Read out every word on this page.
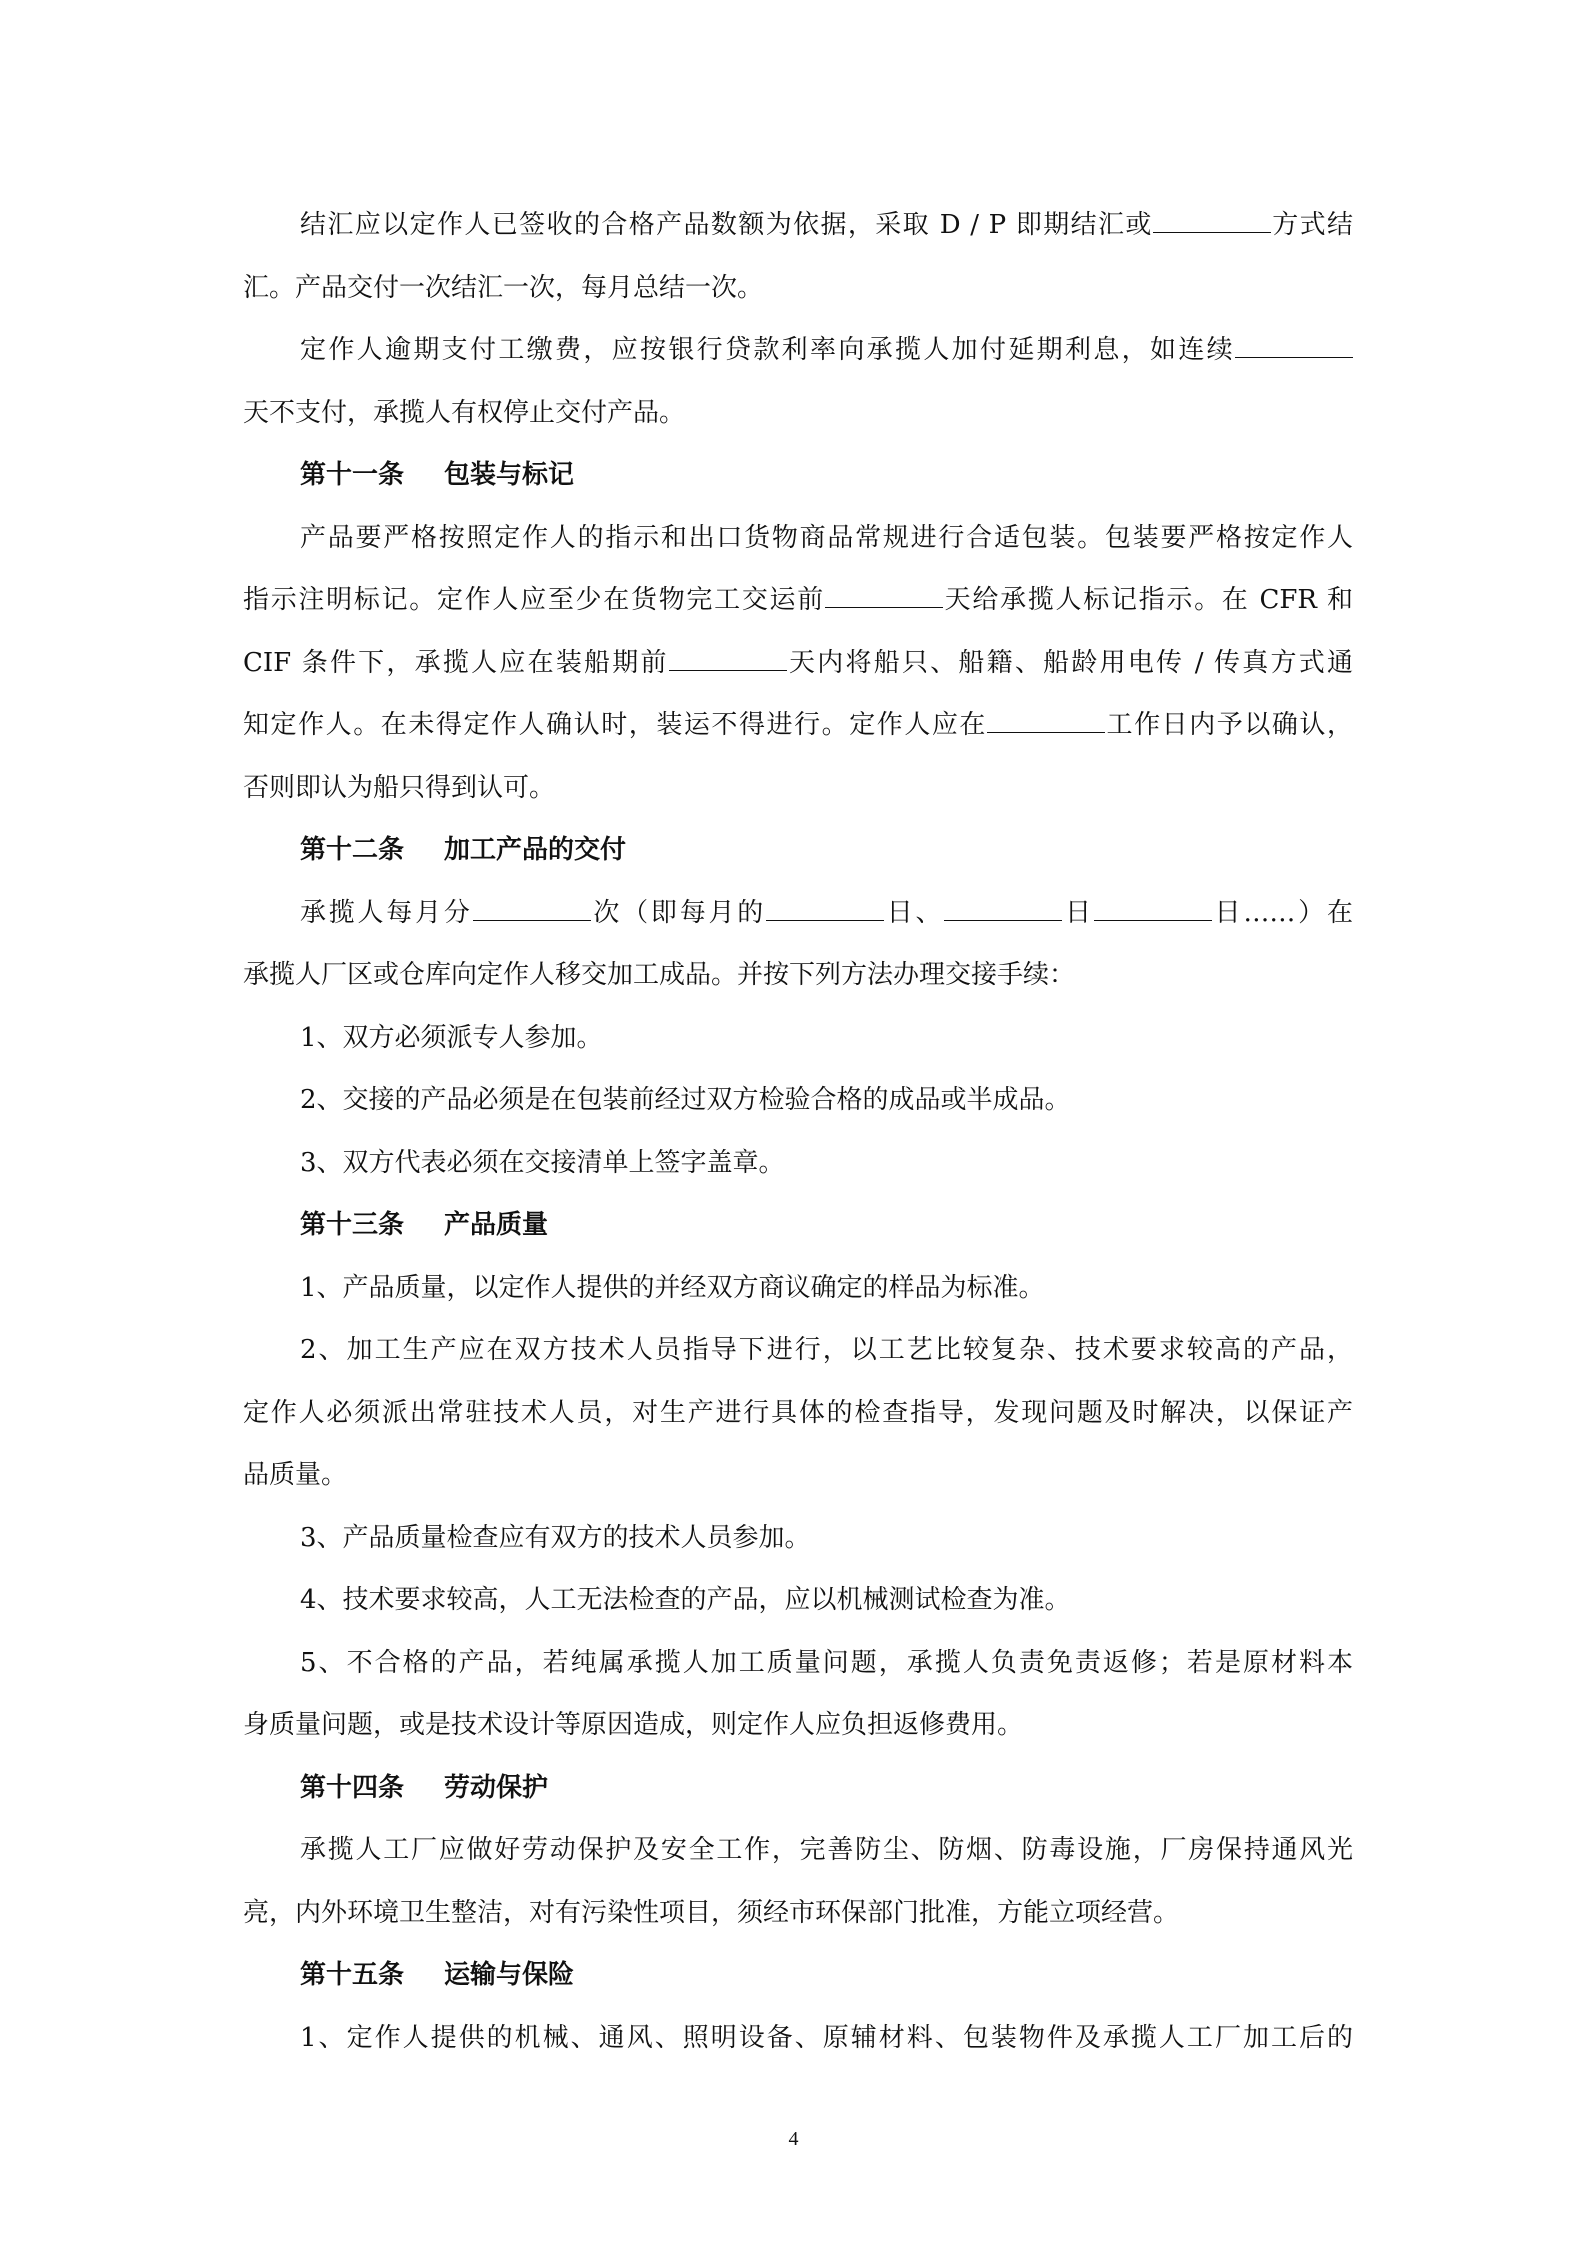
结汇应以定作人已签收的合格产品数额为依据，采取 D / P 即期结汇或	方式结
汇。产品交付一次结汇一次，每月总结一次。
定作人逾期支付工缴费，应按银行贷款利率向承揽人加付延期利息，如连续
天不支付，承揽人有权停止交付产品。
第十一条 包装与标记
产品要严格按照定作人的指示和出口货物商品常规进行合适包装。包装要严格按定作人
指示注明标记。定作人应至少在货物完工交运前	天给承揽人标记指示。在 CFR 和
CIF 条件下，承揽人应在装船期前	天内将船只、船籍、船龄用电传 / 传真方式通
知定作人。在未得定作人确认时，装运不得进行。定作人应在	工作日内予以确认，
否则即认为船只得到认可。
第十二条 加工产品的交付
承揽人每月分	次（即每月的	日、	日	日……）在
承揽人厂区或仓库向定作人移交加工成品。并按下列方法办理交接手续：
1、双方必须派专人参加。
2、交接的产品必须是在包装前经过双方检验合格的成品或半成品。
3、双方代表必须在交接清单上签字盖章。
第十三条 产品质量
1、产品质量，以定作人提供的并经双方商议确定的样品为标准。
2、加工生产应在双方技术人员指导下进行，以工艺比较复杂、技术要求较高的产品，
定作人必须派出常驻技术人员，对生产进行具体的检查指导，发现问题及时解决，以保证产
品质量。
3、产品质量检查应有双方的技术人员参加。
4、技术要求较高，人工无法检查的产品，应以机械测试检查为准。
5、不合格的产品，若纯属承揽人加工质量问题，承揽人负责免责返修；若是原材料本
身质量问题，或是技术设计等原因造成，则定作人应负担返修费用。
第十四条 劳动保护
承揽人工厂应做好劳动保护及安全工作，完善防尘、防烟、防毒设施，厂房保持通风光
亮，内外环境卫生整洁，对有污染性项目，须经市环保部门批准，方能立项经营。
第十五条 运输与保险
1、定作人提供的机械、通风、照明设备、原辅材料、包装物件及承揽人工厂加工后的
4
